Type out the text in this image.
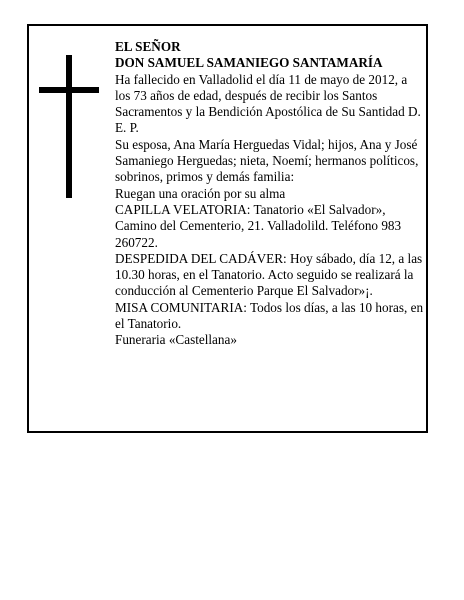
EL SEÑOR

DON SAMUEL SAMANIEGO SANTAMARÍA

Ha fallecido en Valladolid el día 11 de mayo de 2012, a los 73 años de edad, después de recibir los Santos Sacramentos y la Bendición Apostólica de Su Santidad D. E. P.

Su esposa, Ana María Herguedas Vidal; hijos, Ana y José Samaniego Herguedas; nieta, Noemí; hermanos políticos, sobrinos, primos y demás familia:

Ruegan una oración por su alma

CAPILLA VELATORIA: Tanatorio «El Salvador», Camino del Cementerio, 21. Valladolild. Teléfono 983 260722.

DESPEDIDA DEL CADÁVER: Hoy sábado, día 12, a las 10.30 horas, en el Tanatorio. Acto seguido se realizará la conducción al Cementerio Parque El Salvador»¡.

MISA COMUNITARIA: Todos los días, a las 10 horas, en el Tanatorio.

Funeraria «Castellana»
